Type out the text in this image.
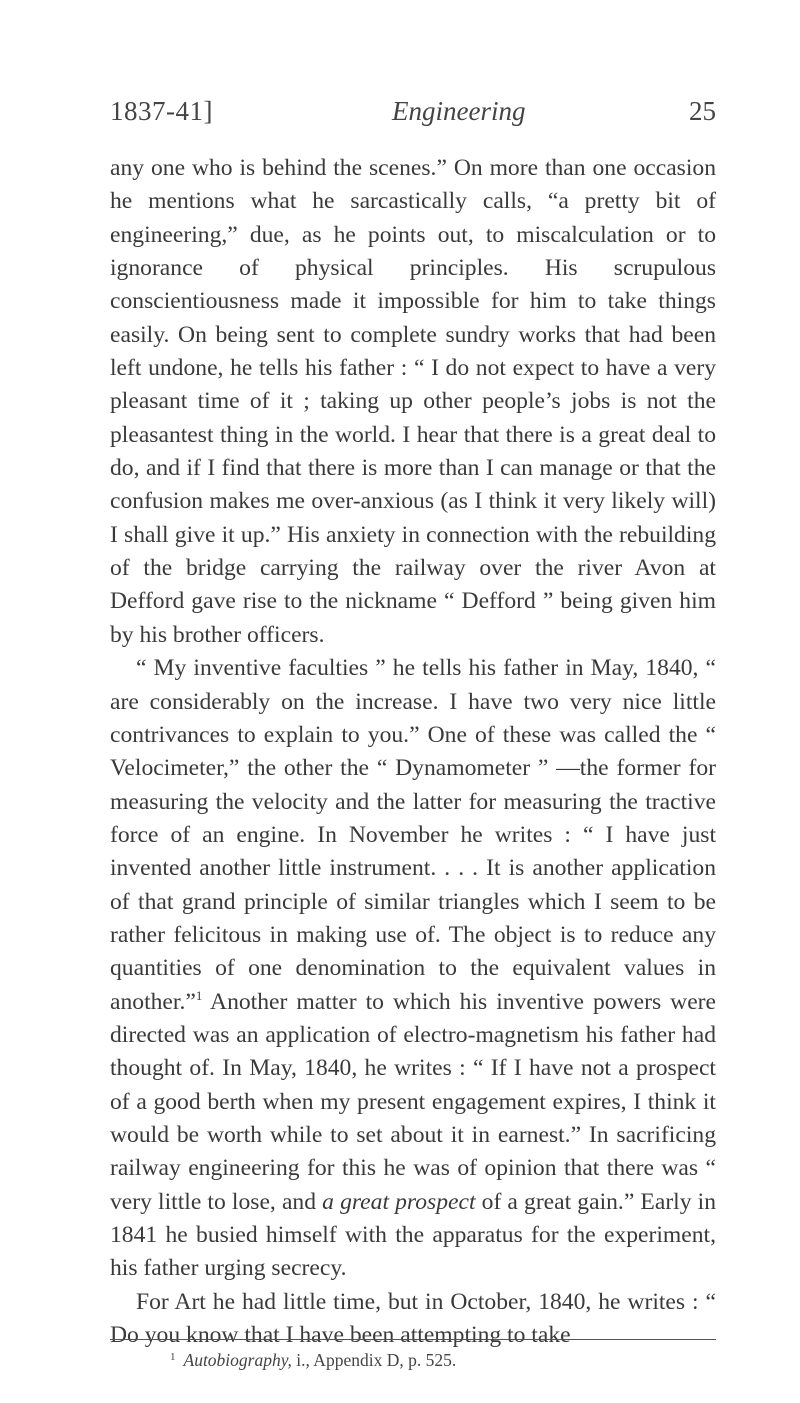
1837-41]	Engineering	25

any one who is behind the scenes.” On more than one occasion he mentions what he sarcastically calls, “a pretty bit of engineering,” due, as he points out, to miscalculation or to ignorance of physical principles. His scrupulous conscientiousness made it impossible for him to take things easily. On being sent to complete sundry works that had been left undone, he tells his father : “ I do not expect to have a very pleasant time of it ; taking up other people’s jobs is not the pleasantest thing in the world. I hear that there is a great deal to do, and if I find that there is more than I can manage or that the confusion makes me over-anxious (as I think it very likely will) I shall give it up.” His anxiety in connection with the rebuilding of the bridge carrying the railway over the river Avon at Defford gave rise to the nickname “ Defford ” being given him by his brother officers.

“ My inventive faculties ” he tells his father in May, 1840, “ are considerably on the increase. I have two very nice little contrivances to explain to you.” One of these was called the “ Velocimeter,” the other the “ Dynamometer ” —the former for measuring the velocity and the latter for measuring the tractive force of an engine. In November he writes : “ I have just invented another little instrument. . . . It is another application of that grand principle of similar triangles which I seem to be rather felicitous in making use of. The object is to reduce any quantities of one denomination to the equivalent values in another.”$^1$ Another matter to which his inventive powers were directed was an application of electro-magnetism his father had thought of. In May, 1840, he writes : “ If I have not a prospect of a good berth when my present engagement expires, I think it would be worth while to set about it in earnest.” In sacrificing railway engineering for this he was of opinion that there was “ very little to lose, and a great prospect of a great gain.” Early in 1841 he busied himself with the apparatus for the experiment, his father urging secrecy.

For Art he had little time, but in October, 1840, he writes : “ Do you know that I have been attempting to take

$^1$ Autobiography, i., Appendix D, p. 525.
